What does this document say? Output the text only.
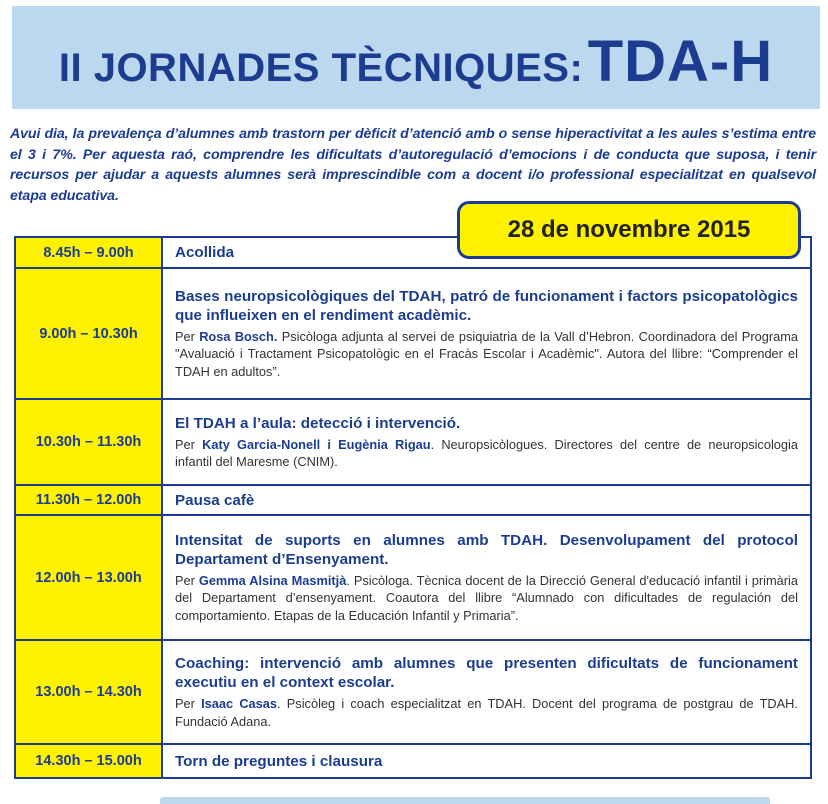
II JORNADES TÈCNIQUES: TDA-H
Avui dia, la prevalença d’alumnes amb trastorn per dèficit d’atenció amb o sense hiperactivitat a les aules s’estima entre el 3 i 7%. Per aquesta raó, comprendre les dificultats d’autoregulació d’emocions i de conducta que suposa, i tenir recursos per ajudar a aquests alumnes serà imprescindible com a docent i/o professional especialitzat en qualsevol etapa educativa.
8.45h – 9.00h	Acollida

9.00h – 10.30h	Bases neuropsicològiques del TDAH, patró de funcionament i factors psicopatològics que influeixen en el rendiment acadèmic.
Per Rosa Bosch. Psicòloga adjunta al servei de psiquiatria de la Vall d’Hebron. Coordinadora del Programa "Avaluació i Tractament Psicopatològic en el Fracàs Escolar i Acadèmic". Autora del llibre: “Comprender el TDAH en adultos”.

10.30h – 11.30h	El TDAH a l’aula: detecció i intervenció.
Per Katy Garcia-Nonell i Eugènia Rigau. Neuropsicòlogues. Directores del centre de neuropsicologia infantil del Maresme (CNIM).

11.30h – 12.00h	Pausa cafè

12.00h – 13.00h	Intensitat de suports en alumnes amb TDAH. Desenvolupament del protocol Departament d’Ensenyament.
Per Gemma Alsina Masmitjà. Psicòloga. Tècnica docent de la Direcció General d'educació infantil i primària del Departament d’ensenyament. Coautora del llibre “Alumnado con dificultades de regulación del comportamiento. Etapas de la Educación Infantil y Primaria”.

13.00h – 14.30h	Coaching: intervenció amb alumnes que presenten dificultats de funcionament executiu en el context escolar.
Per Isaac Casas. Psicòleg i coach especialitzat en TDAH. Docent del programa de postgrau de TDAH. Fundació Adana.

14.30h – 15.00h	Torn de preguntes i clausura
28 de novembre 2015
